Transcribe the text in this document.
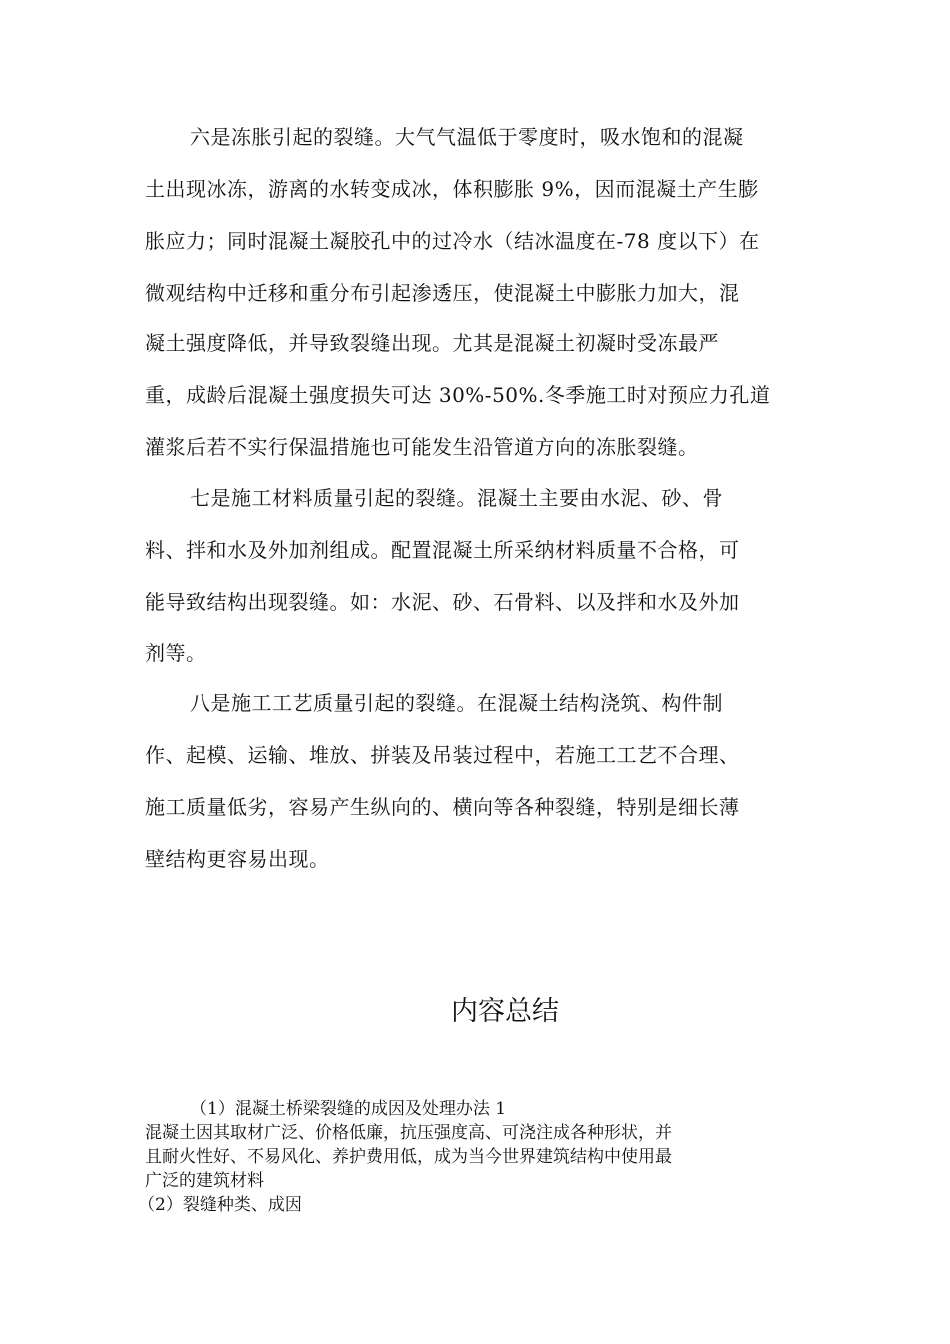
六是冻胀引起的裂缝。大气气温低于零度时，吸水饱和的混凝
土出现冰冻，游离的水转变成冰，体积膨胀 9%，因而混凝土产生膨
胀应力；同时混凝土凝胶孔中的过冷水（结冰温度在-78 度以下）在
微观结构中迁移和重分布引起渗透压，使混凝土中膨胀力加大，混
凝土强度降低，并导致裂缝出现。尤其是混凝土初凝时受冻最严
重，成龄后混凝土强度损失可达 30%-50%.冬季施工时对预应力孔道
灌浆后若不实行保温措施也可能发生沿管道方向的冻胀裂缝。
七是施工材料质量引起的裂缝。混凝土主要由水泥、砂、骨
料、拌和水及外加剂组成。配置混凝土所采纳材料质量不合格，可
能导致结构出现裂缝。如：水泥、砂、石骨料、以及拌和水及外加
剂等。
八是施工工艺质量引起的裂缝。在混凝土结构浇筑、构件制
作、起模、运输、堆放、拼装及吊装过程中，若施工工艺不合理、
施工质量低劣，容易产生纵向的、横向等各种裂缝，特别是细长薄
壁结构更容易出现。
内容总结
（1）混凝土桥梁裂缝的成因及处理办法 1
混凝土因其取材广泛、价格低廉，抗压强度高、可浇注成各种形状，并
且耐火性好、不易风化、养护费用低，成为当今世界建筑结构中使用最
广泛的建筑材料
（2）裂缝种类、成因
